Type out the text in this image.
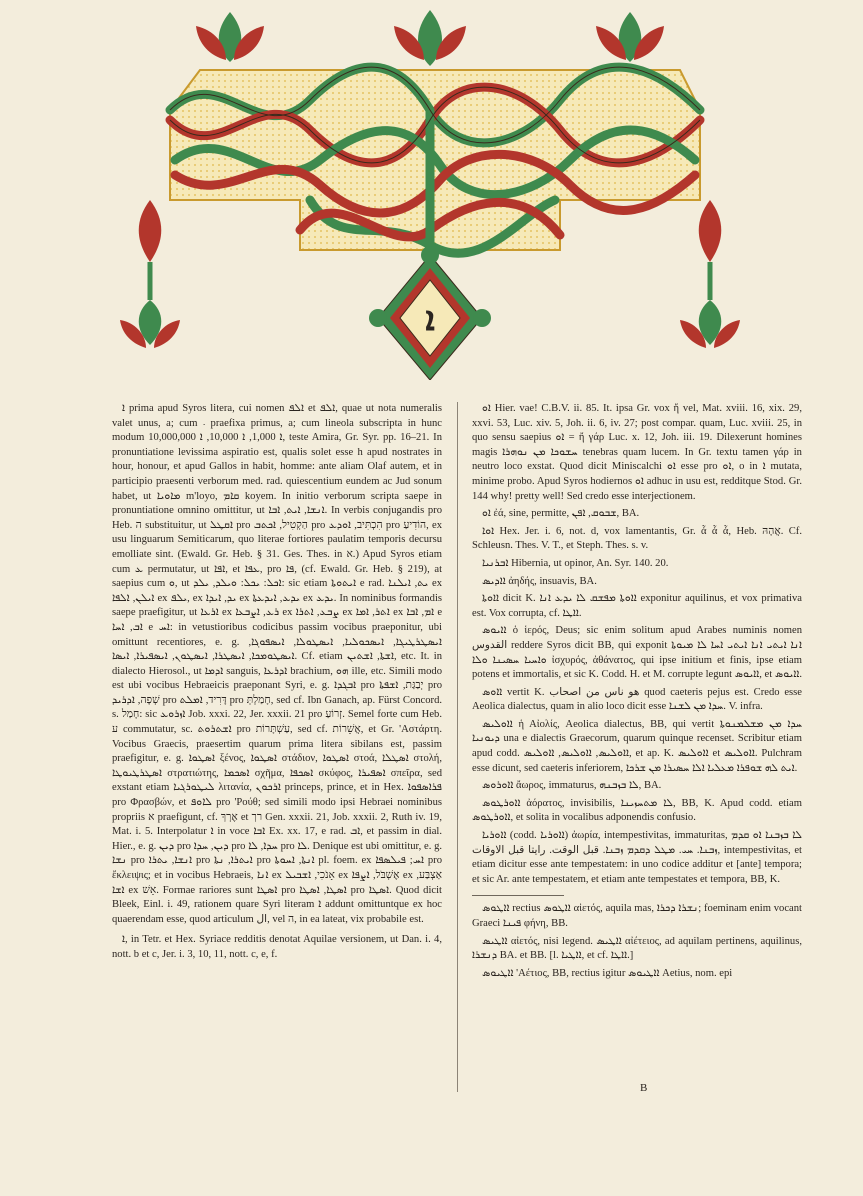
ܐ

ܐ prima apud Syros litera, cui nomen ܐܠܦ et ܐܠܦ, quae ut nota numeralis valet unus, a; cum ܁ praefixa primus, a; cum lineola subscripta in hunc modum ܐ 1,000, ܐ 10,000, ܐ 10,000,000, teste Amira, Gr. Syr. pp. 16–21. In pronuntiatione levissima aspiratio est, qualis solet esse h apud nostrates in hour, honour, et apud Gallos in habit, homme: ante aliam Olaf autem, et in participio praesenti verborum med. rad. quiescentium eundem ac Jud sonum habet, ut ܡܐܘܝܐ m'loyo, ܩܐܡ koyem. In initio verborum scripta saepe in pronuntiatione omnino omittitur, ut ܐܢܫܐ, ܐܝܬ, ܐܒܐ. In verbis conjugandis pro Heb. ה substituitur, ut ܐܩܛܠ pro הַקְטִיל, ܐܟܬܒ pro הִכְתִּיב, ܐܘܕܥ pro הוֹדִיעַ, ex usu linguarum Semiticarum, quo literae fortiores paulatim temporis decursu emolliate sint. (Ewald. Gr. Heb. § 31. Ges. Thes. in א.) Apud Syros etiam cum ܥ permutatur, ut ܐܦܐ, et ܥܦܐ, pro ܦܐ, (cf. Ewald. Gr. Heb. § 219), at saepius cum ܘ, ut ܐܟܠ: ܝܟܠ: ܘܝܠܕ, ܝܠܕ: sic etiam ܐܝܬܘܬܐ e rad. ܝܬ, ܐܝܠܢܐ ex ܐܝܠܢ, ܐܠܦܐ ex ܝܠܦ, ex ܝܕ, ܐܝܕܐ ex ܝܕܥ, ܐܝܕܥܬܐ ex ܝܕܥ. In nominibus formandis saepe praefigitur, ut ܐܪܥܐ ex ܪܥ, ܐܨܒܥܐ ex ܨܒܥ, ܐܬܪܐ ex ܐܬܪ, ܐܡܐ ex ܐܡ, ܐܒܐ e ܐܒ, ܐܚܐ e ܐܚ: in vetustioribus codicibus passim vocibus praeponitur, ubi omittunt recentiores, e. g. ܐܝܣܛܪܛܝܓܐ, ܐܝܣܟܘܠܝܐ, ܐܝܣܛܘܠܐ, ܐܝܣܦܘܓܐ, ܐܝܣܛܘܡܟܐ, ܐܝܣܛܪܐ, ܐܝܣܛܘܢ, ܐܝܣܦܝܪܐ, ܐܝܣܐ. Cf. etiam ܐܫܬܐ, ܐܫܬܝܢ, etc. It. in dialecto Hierosol., ut ܐܕܡܐ sanguis, ܐܕܪܥܐ brachium, ܗܘ ille, etc. Simili modo est ubi vocibus Hebraeicis praeponant Syri, e. g. ܐܒܓܕܐ pro יְבַגַּת, ܐܫܦܬܐ pro שְׁפָה, ܐܕܪܝܕ pro דָּרִיד, ܐܡܠܬ pro חָמַלְתְּ, sed cf. Ibn Ganach, ap. Fürst Concord. s. חָמַל: sic ܐܙܪܘܥ Job. xxxi. 22, Jer. xxxii. 21 pro זְרוֹעַ. Semel forte cum Heb. ע commutatur, sc. ܐܫܬܪܘܬ pro עַשְׁתָּרוֹת, sed cf. אֲשֵׁרוֹת, et Gr. 'Αστάρτη. Vocibus Graecis, praesertim quarum prima litera sibilans est, passim praefigitur, e. g. ܐܣܛܘܐ ξένος, ܐܣܛܘܐ στάδιον, ܐܣܛܘܐ στοά, ܐܣܛܠܐ στολή, ܐܣܛܪܛܝܘܛܐ στρατιώτης, ܐܣܟܡܐ σχῆμα, ܐܣܟܦܐ σκύφος, ܐܣܦܝܪܐ σπεῖρα, sed exstant etiam ܠܝܛܘܪܓܝܐ λιτανία, ܐܪܟܘܢ princeps, prince, et in Hex. ܦܪܐܣܦܘܐ pro Φρασβών, et ܠܐܘܦ pro 'Ρούθ; sed simili modo ipsi Hebraei nominibus propriis א praefigunt, cf. אֶרְךְ et רך Gen. xxxii. 21, Job. xxxii. 2, Ruth iv. 19, Mat. i. 5. Interpolatur ܐ in voce ܐܒܐ Ex. xx. 17, e rad. ܐܒ, et passim in dial. Hier., e. g. ܕܝܢ pro ܕܝܢ, ܚܕܐ pro ܚܕܐ, ܠܐ pro ܠܐ. Denique est ubi omittitur, e. g. ܢܫܐ pro ܐܢܫܐ, ܝܬܪܐ pro ܐܝܬܪܐ, ܢܬܐ pro ܐܢܬܐ, ܐܚܘܬܐ pl. foem. ex ܐܚ; ܦܝܠܣܦܐ pro ἔκλειψις; et in vocibus Hebraeis, ܐܢܐ ex אָנֹכִי, ܐܫܒܝܠ ex אֶשְׁבֹּל, ܐܨܦܐ ex אַצְבַּע, ܐܫܐ ex אֵשׁ. Formae rariores sunt ܐܣܛܐ pro ܐܣܛܐ, ܐܣܛܐ pro ܐܣܛܐ. Quod dicit Bleek, Einl. i. 49, rationem quare Syri literam ܐ addunt omittuntque ex hoc quaerendam esse, quod articulum ال, vel ה, in ea lateat, vix probabile est.

ܐ, in Tetr. et Hex. Syriace redditis denotat Aquilae versionem, ut Dan. i. 4, nott. b et c, Jer. i. 3, 10, 11, nott. c, e, f.

ܐܘ Hier. vae! C.B.V. ii. 85. It. ipsa Gr. vox ἤ vel, Mat. xviii. 16, xix. 29, xxvi. 53, Luc. xiv. 5, Joh. ii. 6, iv. 27; post compar. quam, Luc. xviii. 25, in quo sensu saepius ܐܘ = ἤ γάρ Luc. x. 12, Joh. iii. 19. Dilexerunt homines magis ܚܫܘܟܐ ܡܢ ܢܘܗܪܐ tenebras quam lucem. In Gr. textu tamen γάρ in neutro loco exstat. Quod dicit Miniscalchi ܐܘ esse pro ܐܘ, o in ܐ mutata, minime probo. Apud Syros hodiernos ܐܘ adhuc in usu est, redditque Stod. Gr. 144 why! pretty well! Sed credo esse interjectionem.

ܐܘ ἐά, sine, permitte, ܫܒܘܩ, ܐܦܢ, BA.

ܐܘܐ Hex. Jer. i. 6, not. d, vox lamentantis, Gr. ἆ ἆ ἆ, Heb. אֲהָהּ. Cf. Schleusn. Thes. V. T., et Steph. Thes. s. v.

ܐܒܪܢܝܐ Hibernia, ut opinor, An. Syr. 140. 20.

ܐܐܕܝܣ ἀηδής, insuavis, BA.

ܐܐܘܬܐ dicit K. ܐܐܘܬܐ ܡܦܫܩ ܠܐ ܝܕܥ ܐܢܐ exponitur aquilinus, et vox primativa est. Vox corrupta, cf. ܐܐܛܐ.

ܐܐܝܘܣ ὁ ἱερός, Deus; sic enim solitum apud Arabes numinis nomen القدوس reddere Syros dicit BB, qui exponit ܐܢܐ ܐܝܬܝ ܐܢܐ ܐܝܬܝ ܐܚܐ ܠܐ ܡܝܘܬܐ ܘܐܚܝܐ ܚܣܝܢܐ ܘܠܐ ἰσχυρός, ἀθάνατος, qui ipse initium et finis, ipse etiam potens et immortalis, et sic K. Codd. H. et M. corrupte legunt ܐܐܝܘܣ, et ܐܐܝܘܣ.

ܐܐܘܣ vertit K. هو ناس من اصحاب quod caeteris pejus est. Credo esse Aeolica dialectus, quam in alio loco dicit esse ܚܕܐ ܡܢ ܠܫܢܐ. V. infra.

ܐܐܘܠܝܣ ἡ Αἰολίς, Aeolica dialectus, BB, qui vertit ܚܕܐ ܡܢ ܡܫܠܡܢܘܬܐ ܕܝܘܢܝܐ una e dialectis Graecorum, quarum quinque recenset. Scribitur etiam apud codd. ܐܐܘܠܝܣ, ܐܐܘܠܝܣ, ܐܐܘܠܝܣ, et ap. K. ܐܐܘܠܝܣ et ܐܐܘܠܝܣ. Pulchram esse dicunt, sed caeteris inferiorem, ܐܝܬ ܠܗ ܫܘܦܪܐ ܡܥܠܝܐ ܐܠܐ ܚܣܝܪܐ ܡܢ ܫܪܟܐ.

ܐܐܘܪܘܣ ἄωρος, immaturus, ܠܐ ܒܙܒܢܗ, BA.

ܐܐܘܪܛܘܣ ἀόρατος, invisibilis, ܠܐ ܡܬܚܙܝܢܐ, BB, K. Apud codd. etiam ܐܐܘܪܛܘܣ, et solita in vocalibus adponendis confusio.

ܐܐܘܪܝܐ (codd. ܐܐܘܪܝܐ) ἀωρία, intempestivitas, immaturitas, ܠܐ ܒܙܒܢܐ ܐܘ ܩܕܡ ܙܒܢܐ. ܚܝ. ܡܛܠ ܕܩܕܡ ܙܒܢܐ. قبل الوقت. رايتا قبل الاوقات, intempestivitas, et etiam dicitur esse ante tempestatem: in uno codice additur et [ante] tempora; et sic Ar. ante tempestatem, et etiam ante tempestates et tempora, BB, K.

ܐܐܛܘܣ rectius ܐܐܛܘܣ αἰετός, aquila mas, ܢܫܪܐ ܕܟܪܐ; foeminam enim vocant Graeci ܦܝܢܐ φήνη, BB.

ܐܐܛܝܣ αἰετός, nisi legend. ܐܐܛܝܣ αἰέτειος, ad aquilam pertinens, aquilinus, ܕܢܫܪܐ BA. et BB. [l. ܐܐܛܝܐ, et cf. ܐܐܛܐ.]

ܐܐܛܝܘܣ 'Αέτιος, BB, rectius igitur ܐܐܛܝܘܣ Aetius, nom. epi

B
